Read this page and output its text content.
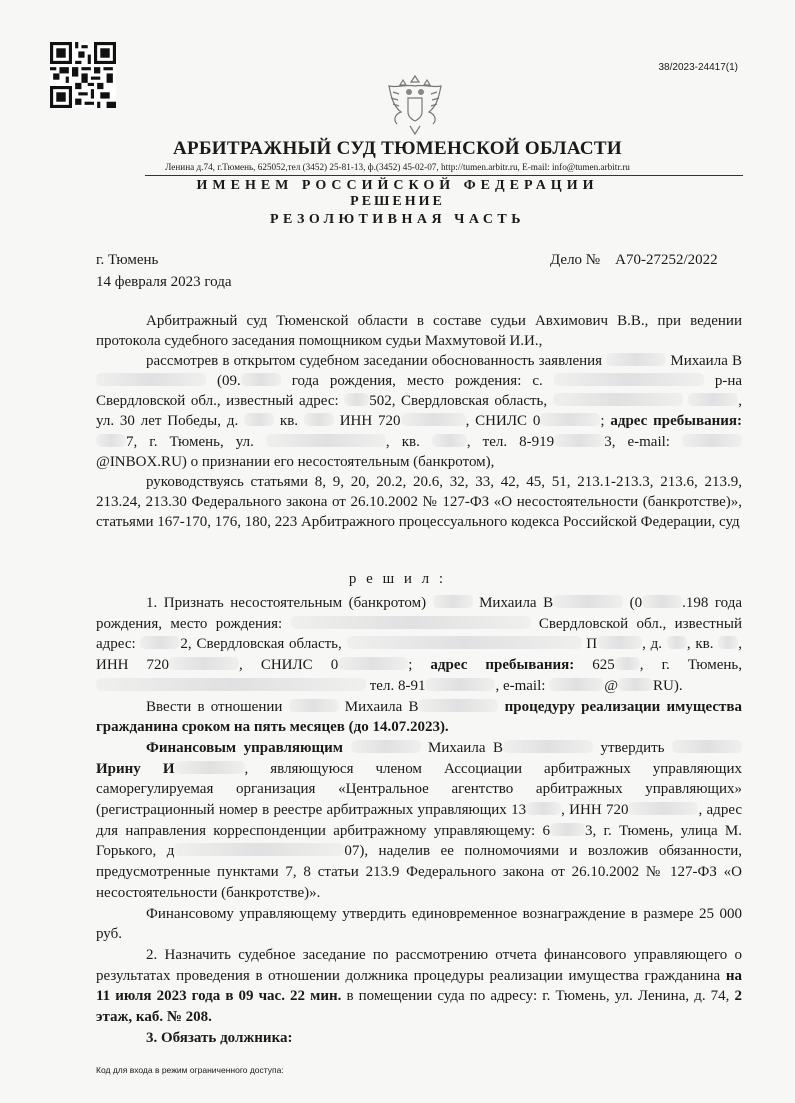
38/2023-24417(1)
АРБИТРАЖНЫЙ СУД ТЮМЕНСКОЙ ОБЛАСТИ
Ленина д.74, г.Тюмень, 625052,тел (3452) 25-81-13, ф.(3452) 45-02-07, http://tumen.arbitr.ru, E-mail: info@tumen.arbitr.ru
ИМЕНЕМ РОССИЙСКОЙ ФЕДЕРАЦИИ
РЕШЕНИЕ
РЕЗОЛЮТИВНАЯ ЧАСТЬ
г. Тюмень	Дело № А70-27252/2022
14 февраля 2023 года

Арбитражный суд Тюменской области в составе судьи Авхимович В.В., при ведении протокола судебного заседания помощником судьи Махмутовой И.И.,

рассмотрев в открытом судебном заседании обоснованность заявления	Михаила В (09.	года рождения, место рождения: с.	р-на Свердловской обл., известный адрес: 502, Свердловская область,	, ул. 30 лет Победы, д.  кв.  ИНН 720	, СНИЛС 0	; адрес пребывания: 7, г. Тюмень, ул.	, кв. , тел. 8-919	3, e-mail: @INBOX.RU) о признании его несостоятельным (банкротом),

руководствуясь статьями 8, 9, 20, 20.2, 20.6, 32, 33, 42, 45, 51, 213.1-213.3, 213.6, 213.9, 213.24, 213.30 Федерального закона от 26.10.2002 № 127-ФЗ «О несостоятельности (банкротстве)», статьями 167-170, 176, 180, 223 Арбитражного процессуального кодекса Российской Федерации, суд

р е ш и л :

1. Признать несостоятельным (банкротом)	Михаила В	(0	.198 года рождения, место рождения:	Свердловской обл., известный адрес:	2, Свердловская область,	П	, д. , кв. , ИНН 720	, СНИЛС 0	; адрес пребывания: 625 , г. Тюмень,  тел. 8-91	, e-mail:	@ RU).

Ввести в отношении	Михаила В	процедуру реализации имущества гражданина сроком на пять месяцев (до 14.07.2023).

Финансовым управляющим	Михаила В	утвердить  Ирину И	, являющуюся членом Ассоциации арбитражных управляющих саморегулируемая организация «Центральное агентство арбитражных управляющих» (регистрационный номер в реестре арбитражных управляющих 13 , ИНН 720	, адрес для направления корреспонденции арбитражному управляющему: 6 3, г. Тюмень, улица М. Горького, д	07), наделив ее полномочиями и возложив обязанности, предусмотренные пунктами 7, 8 статьи 213.9 Федерального закона от 26.10.2002 № 127-ФЗ «О несостоятельности (банкротстве)».

Финансовому управляющему утвердить единовременное вознаграждение в размере 25 000 руб.

2. Назначить судебное заседание по рассмотрению отчета финансового управляющего о результатах проведения в отношении должника процедуры реализации имущества гражданина на 11 июля 2023 года в 09 час. 22 мин. в помещении суда по адресу: г. Тюмень, ул. Ленина, д. 74, 2 этаж, каб. № 208.

3. Обязать должника:

Код для входа в режим ограниченного доступа:
